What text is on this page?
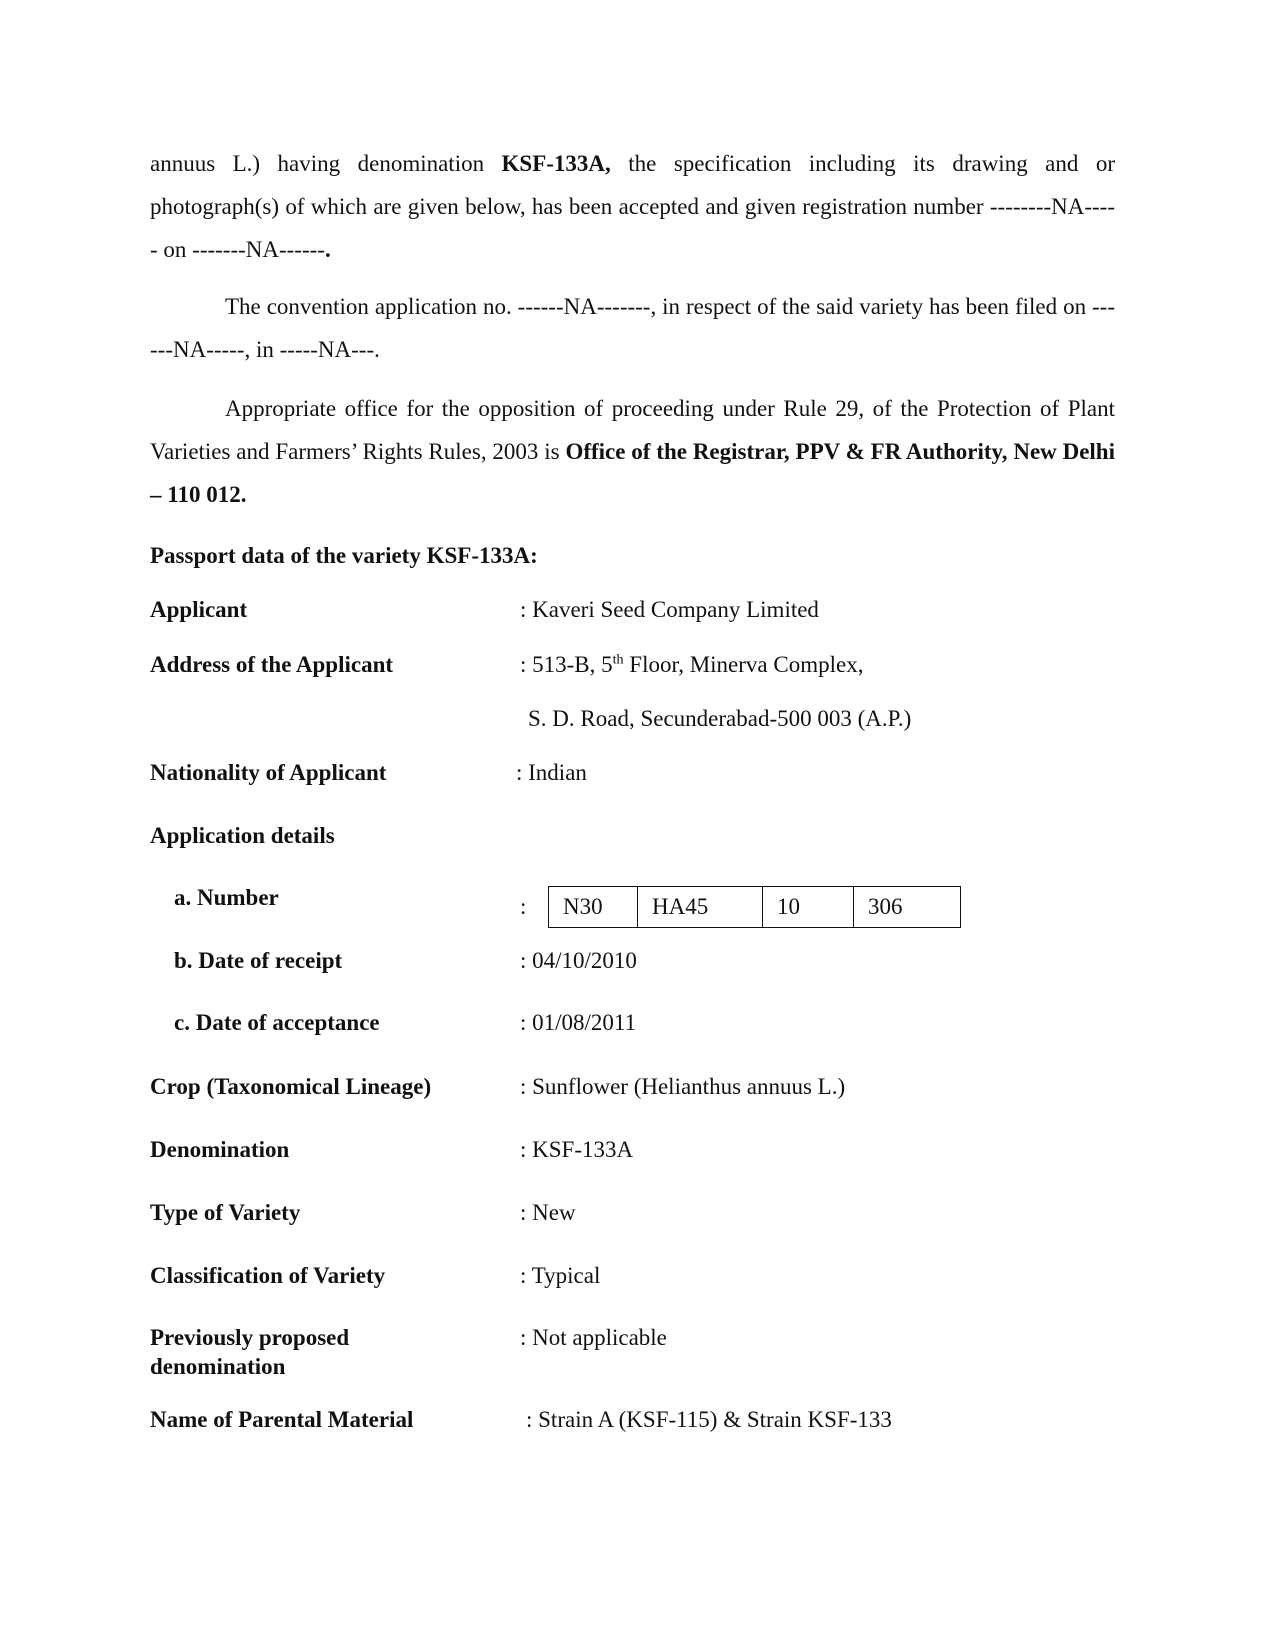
annuus L.) having denomination KSF-133A, the specification including its drawing and or photograph(s) of which are given below, has been accepted and given registration number --------NA----- on -------NA------.

The convention application no. ------NA-------, in respect of the said variety has been filed on ------NA-----, in -----NA---.

Appropriate office for the opposition of proceeding under Rule 29, of the Protection of Plant Varieties and Farmers’ Rights Rules, 2003 is Office of the Registrar, PPV & FR Authority, New Delhi – 110 012.

Passport data of the variety KSF-133A:

Applicant	: Kaveri Seed Company Limited
Address of the Applicant	: 513-B, 5th Floor, Minerva Complex,
S. D. Road, Secunderabad-500 003 (A.P.)
Nationality of Applicant	: Indian
Application details
a. Number	: N30	HA45	10	306
b. Date of receipt	: 04/10/2010
c. Date of acceptance	: 01/08/2011
Crop (Taxonomical Lineage)	: Sunflower (Helianthus annuus L.)
Denomination	: KSF-133A
Type of Variety	: New
Classification of Variety	: Typical
Previously proposed denomination
: Not applicable
Name of Parental Material	: Strain A (KSF-115) & Strain KSF-133
